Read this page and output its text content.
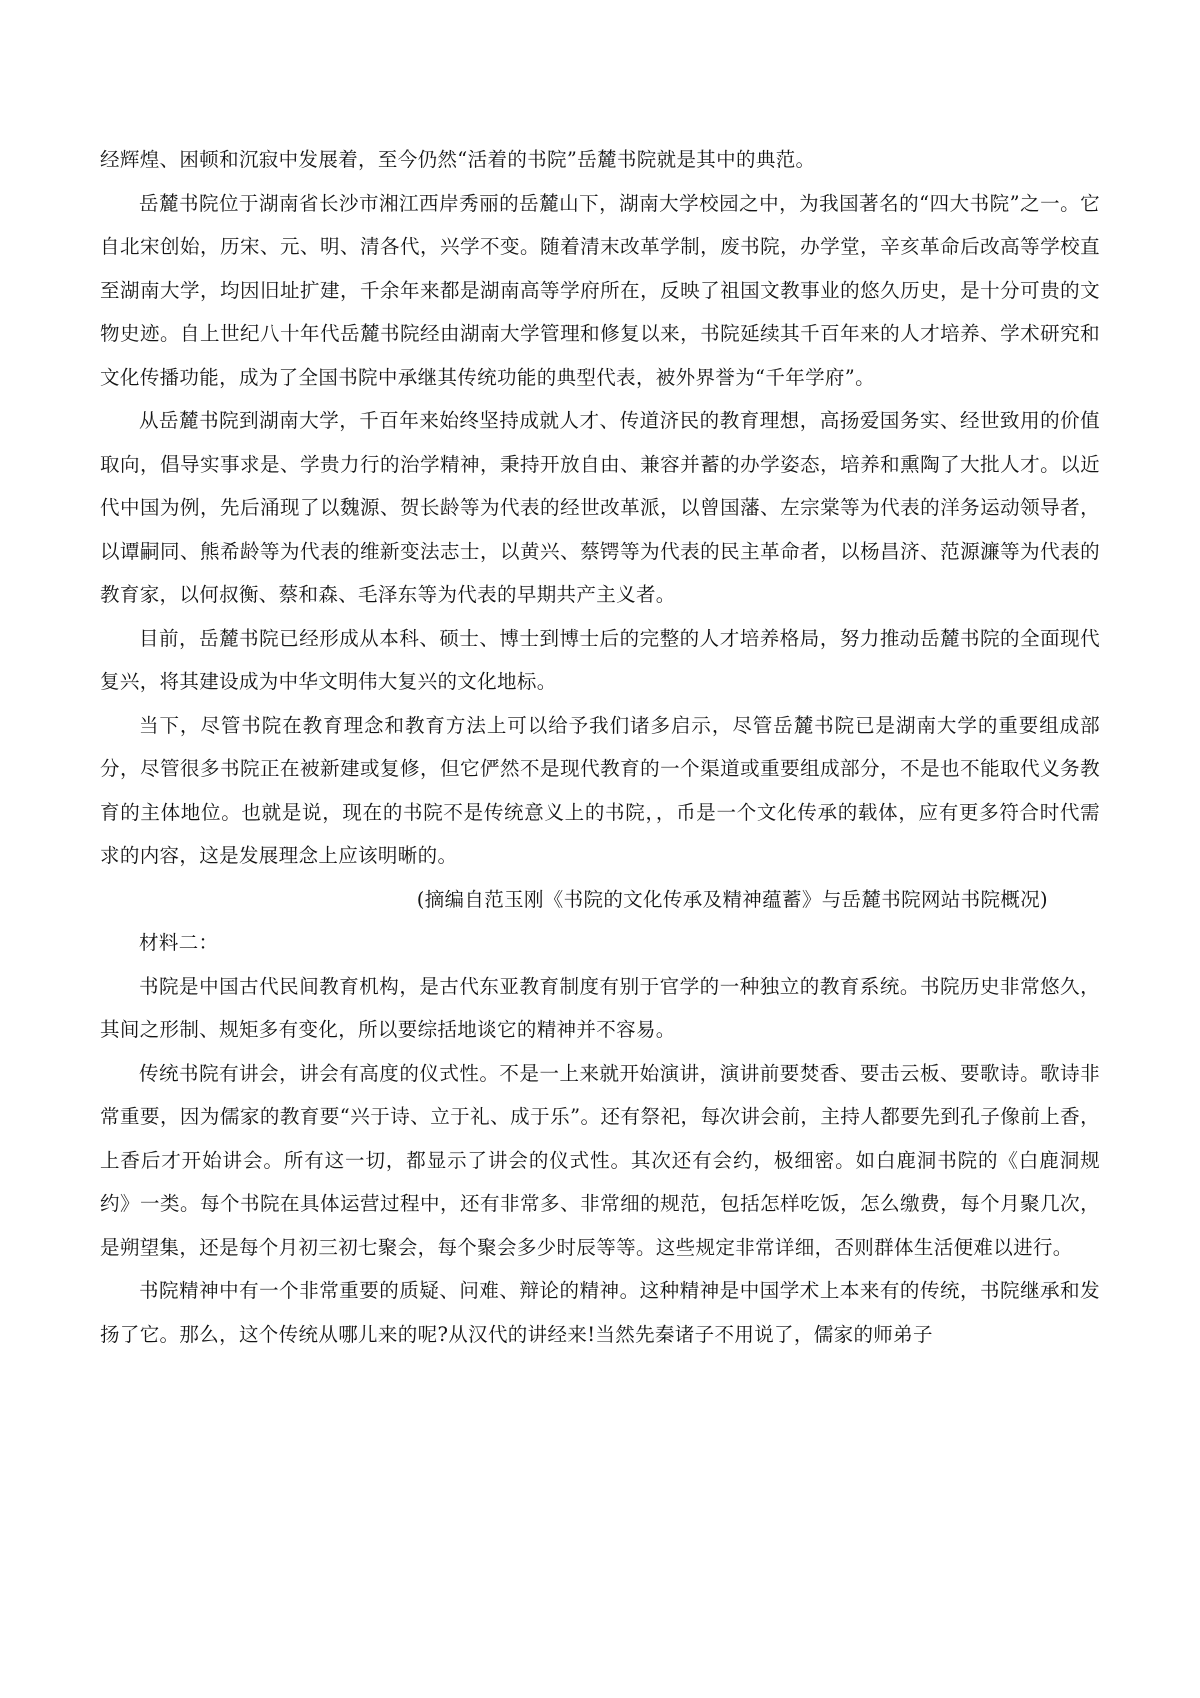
经辉煌、困顿和沉寂中发展着，至今仍然“活着的书院”岳麓书院就是其中的典范。

岳麓书院位于湖南省长沙市湘江西岸秀丽的岳麓山下，湖南大学校园之中，为我国著名的“四大书院”之一。它自北宋创始，历宋、元、明、清各代，兴学不变。随着清末改革学制，废书院，办学堂，辛亥革命后改高等学校直至湖南大学，均因旧址扩建，千余年来都是湖南高等学府所在，反映了祖国文教事业的悠久历史，是十分可贵的文物史迹。自上世纪八十年代岳麓书院经由湖南大学管理和修复以来，书院延续其千百年来的人才培养、学术研究和文化传播功能，成为了全国书院中承继其传统功能的典型代表，被外界誉为“千年学府”。

从岳麓书院到湖南大学，千百年来始终坚持成就人才、传道济民的教育理想，高扬爱国务实、经世致用的价值取向，倡导实事求是、学贵力行的治学精神，秉持开放自由、兼容并蓄的办学姿态，培养和熏陶了大批人才。以近代中国为例，先后涌现了以魏源、贺长龄等为代表的经世改革派，以曾国藩、左宗棠等为代表的洋务运动领导者，以谭嗣同、熊希龄等为代表的维新变法志士，以黄兴、蔡锷等为代表的民主革命者，以杨昌济、范源濂等为代表的教育家，以何叔衡、蔡和森、毛泽东等为代表的早期共产主义者。

目前，岳麓书院已经形成从本科、硕士、博士到博士后的完整的人才培养格局，努力推动岳麓书院的全面现代复兴，将其建设成为中华文明伟大复兴的文化地标。

当下，尽管书院在教育理念和教育方法上可以给予我们诸多启示，尽管岳麓书院已是湖南大学的重要组成部分，尽管很多书院正在被新建或复修，但它俨然不是现代教育的一个渠道或重要组成部分，不是也不能取代义务教育的主体地位。也就是说，现在的书院不是传统意义上的书院，，币是一个文化传承的载体，应有更多符合时代需求的内容，这是发展理念上应该明晰的。

(摘编自范玉刚《书院的文化传承及精神蕴蓄》与岳麓书院网站书院概况)

材料二：

书院是中国古代民间教育机构，是古代东亚教育制度有别于官学的一种独立的教育系统。书院历史非常悠久，其间之形制、规矩多有变化，所以要综括地谈它的精神并不容易。

传统书院有讲会，讲会有高度的仪式性。不是一上来就开始演讲，演讲前要焚香、要击云板、要歌诗。歌诗非常重要，因为儒家的教育要“兴于诗、立于礼、成于乐”。还有祭祀，每次讲会前，主持人都要先到孔子像前上香，上香后才开始讲会。所有这一切，都显示了讲会的仪式性。其次还有会约，极细密。如白鹿洞书院的《白鹿洞规约》一类。每个书院在具体运营过程中，还有非常多、非常细的规范，包括怎样吃饭，怎么缴费，每个月聚几次，是朔望集，还是每个月初三初七聚会，每个聚会多少时辰等等。这些规定非常详细，否则群体生活便难以进行。

书院精神中有一个非常重要的质疑、问难、辩论的精神。这种精神是中国学术上本来有的传统，书院继承和发扬了它。那么，这个传统从哪儿来的呢?从汉代的讲经来!当然先秦诸子不用说了，儒家的师弟子
